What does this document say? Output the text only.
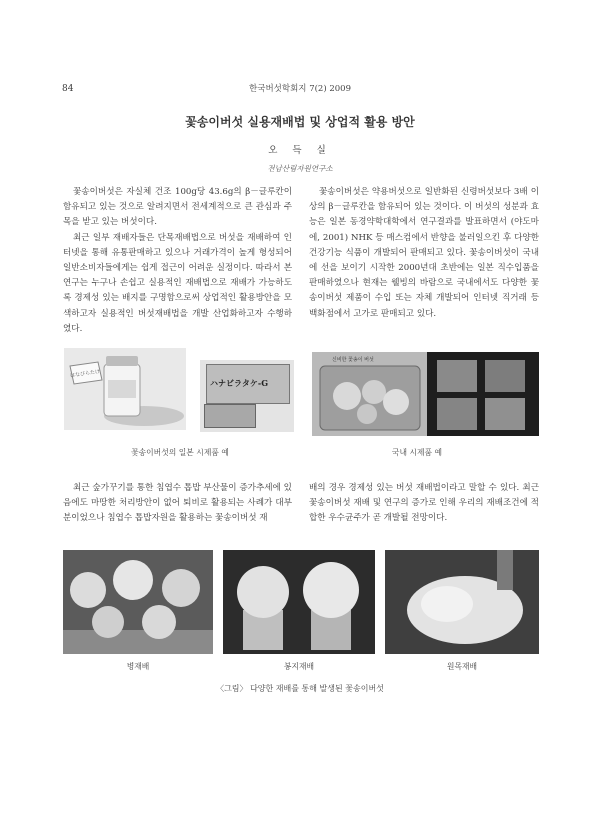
84	한국버섯학회지 7(2) 2009
꽃송이버섯 실용재배법 및 상업적 활용 방안
오 득 실
전남산림자원연구소

꽃송이버섯은 자실체 건조 100g당 43.6g의 β－글루칸이 함유되고 있는 것으로 알려지면서 전세계적으로 큰 관심과 주목을 받고 있는 버섯이다.

최근 일부 재배자들은 단목재배법으로 버섯을 재배하여 인터넷을 통해 유통판매하고 있으나 거래가격이 높게 형성되어 일반소비자들에게는 쉽게 접근이 어려운 실정이다. 따라서 본 연구는 누구나 손쉽고 실용적인 재배법으로 재배가 가능하도록 경제성 있는 배지를 구명함으로써 상업적인 활용방안을 모색하고자 실용적인 버섯재배법을 개발 산업화하고자 수행하였다.

꽃송이버섯은 약용버섯으로 일반화된 신령버섯보다 3배 이상의 β－글루칸을 함유되어 있는 것이다. 이 버섯의 성분과 효능은 일본 동경약학대학에서 연구결과를 발표하면서 (야도마에, 2001) NHK 등 매스컴에서 반향을 불러일으킨 후 다양한 건강기능 식품이 개발되어 판매되고 있다. 꽃송이버섯이 국내에 선을 보이기 시작한 2000년대 초반에는 일본 직수입품을 판매하였으나 현재는 웰빙의 바람으로 국내에서도 다양한 꽃송이버섯 제품이 수입 또는 자체 개발되어 인터넷 직거래 등 백화점에서 고가로 판매되고 있다.

はなびらたけ
ハナビラタケ-G
신비한 꽃송이 버섯
꽃송이버섯의 일본 시제품 예	국내 시제품 예

최근 숲가꾸기를 통한 침엽수 톱밥 부산물이 증가추세에 있음에도 마땅한 처리방안이 없어 퇴비로 활용되는 사례가 대부분이었으나 침엽수 톱밥자원을 활용하는 꽃송이버섯 재

배의 경우 경제성 있는 버섯 재배법이라고 말할 수 있다. 최근 꽃송이버섯 재배 및 연구의 증가로 인해 우리의 재배조건에 적합한 우수균주가 곧 개발될 전망이다.

병재배	봉지재배	원목재배
〈그림〉 다양한 재배를 통해 발생된 꽃송이버섯
